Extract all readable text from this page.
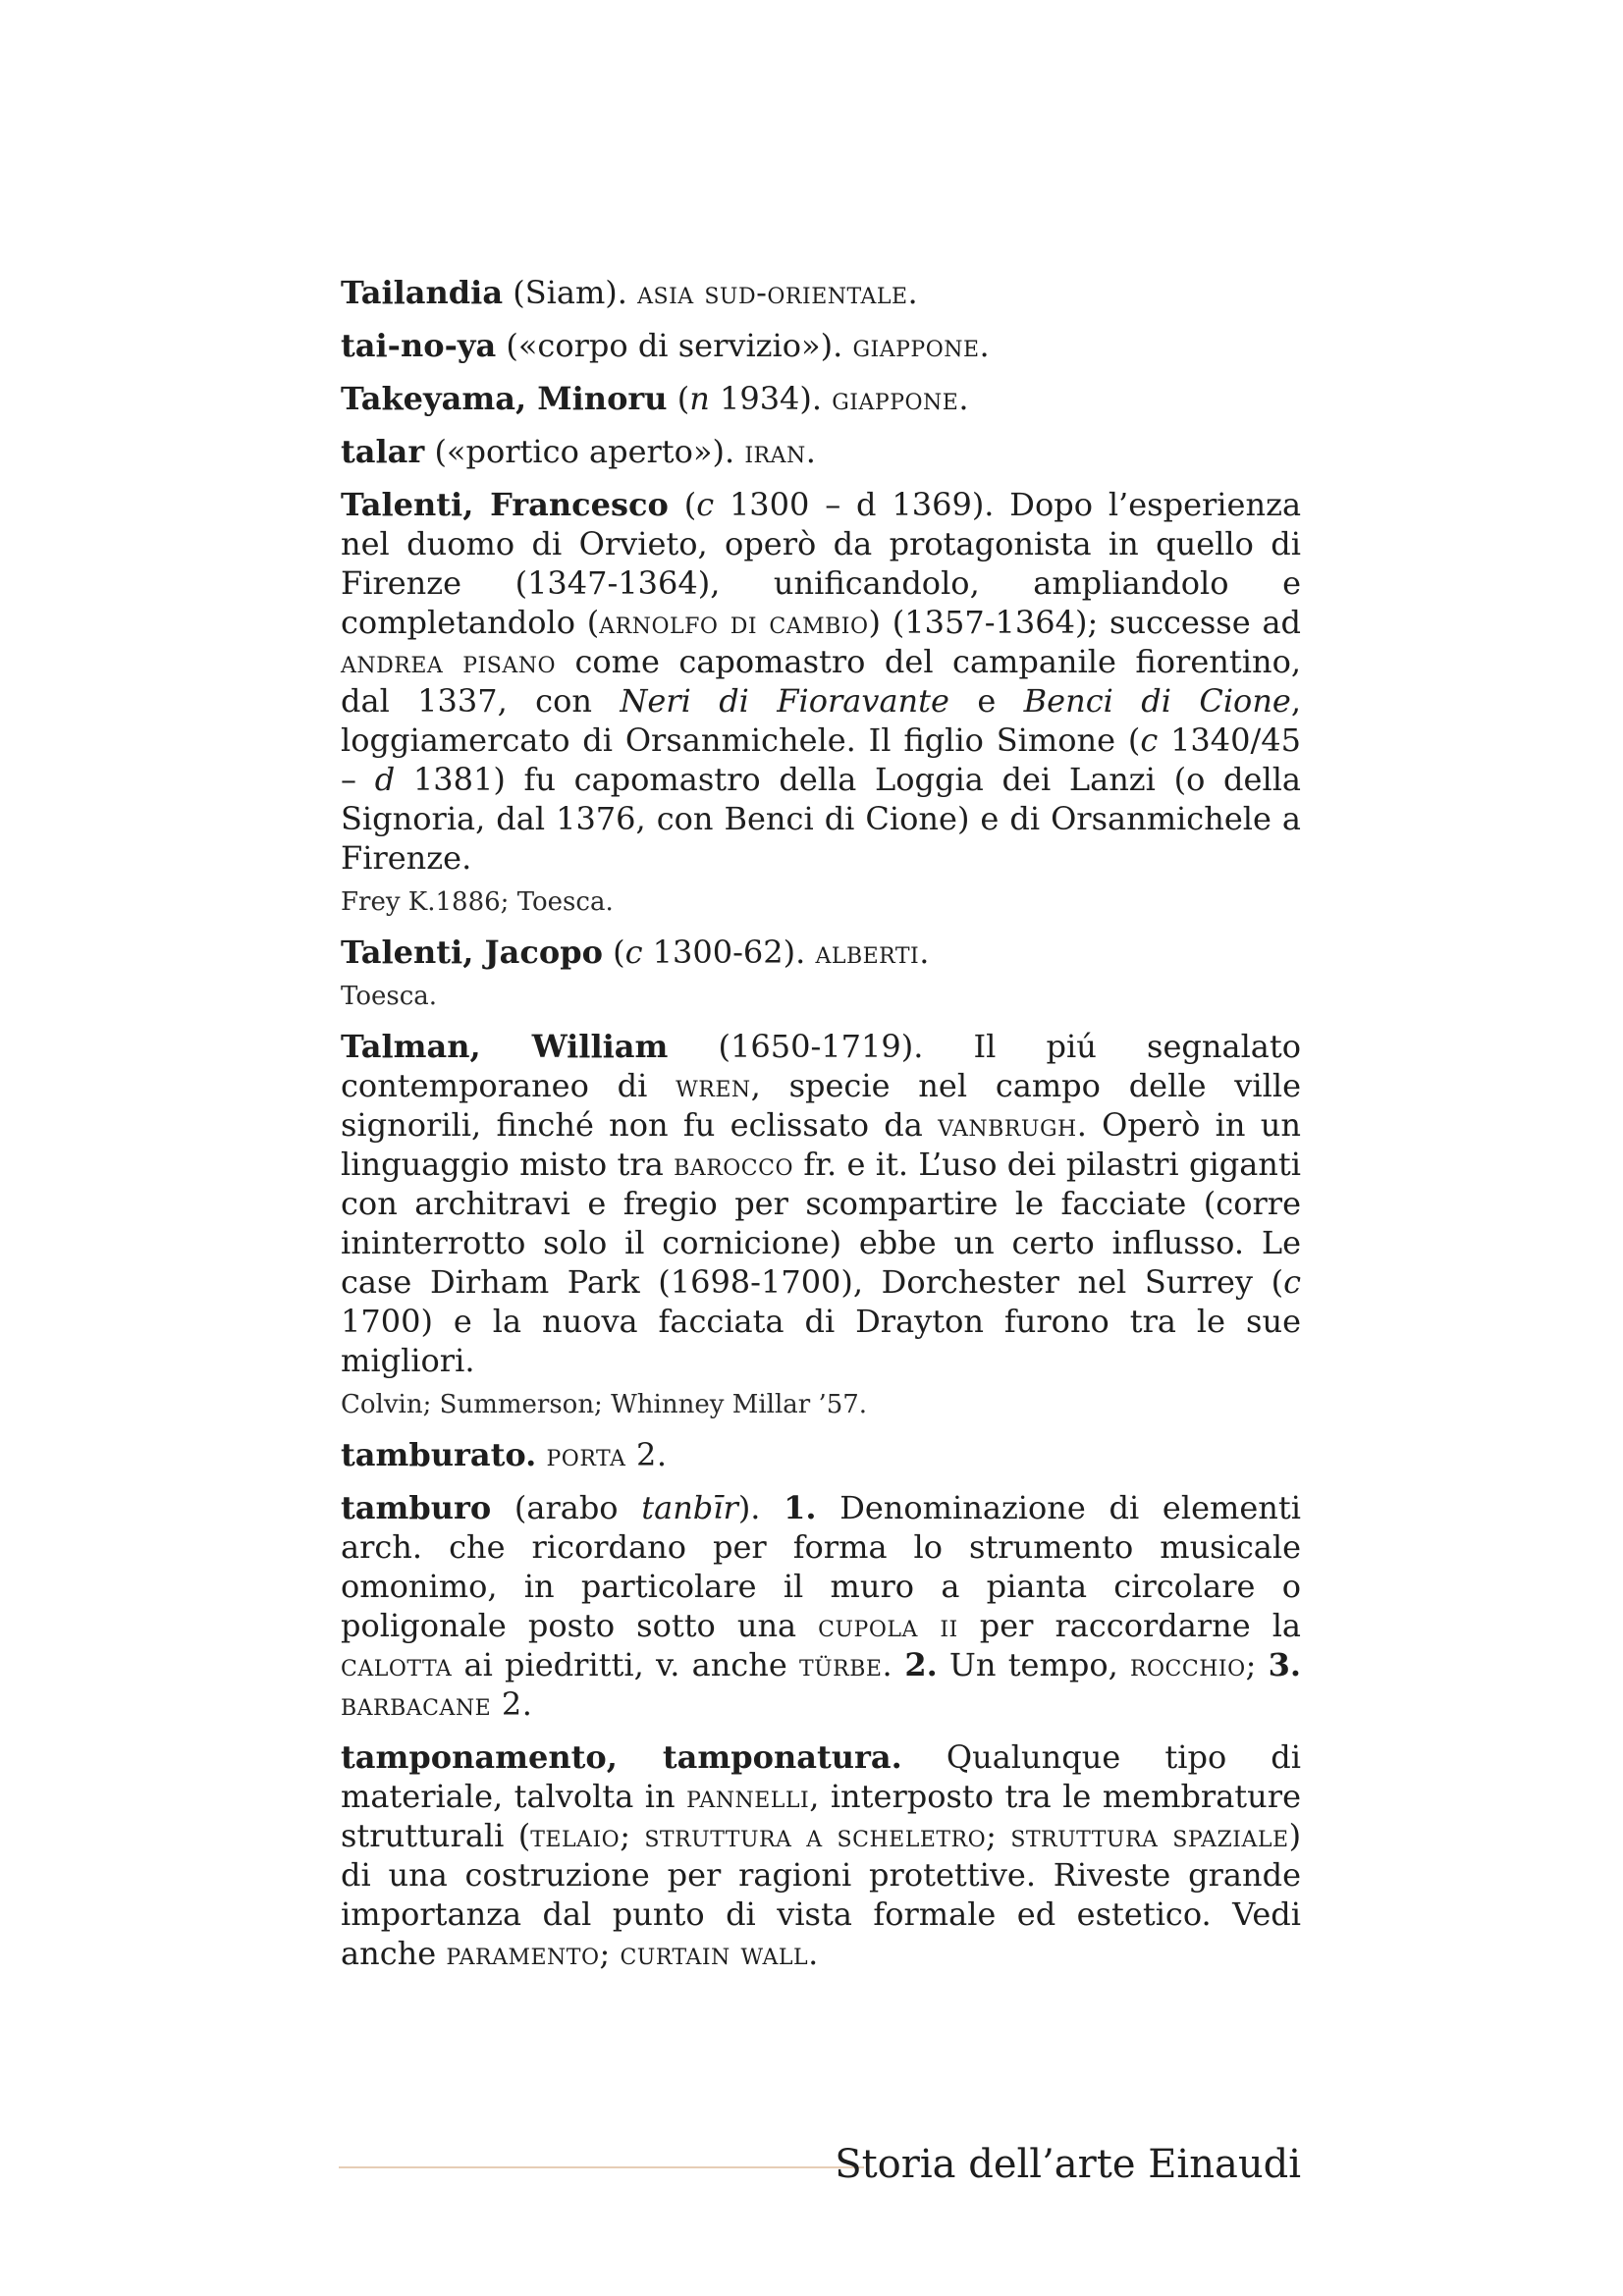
Tailandia (Siam). asia sud-orientale.

tai-no-ya («corpo di servizio»). giappone.

Takeyama, Minoru (n 1934). giappone.

talar («portico aperto»). iran.

Talenti, Francesco (c 1300 – d 1369). Dopo l’esperienza nel duomo di Orvieto, operò da protagonista in quello di Firenze (1347-1364), unificandolo, ampliandolo e completandolo (arnolfo di cambio) (1357-1364); successe ad andrea pisano come capomastro del campanile fiorentino, dal 1337, con Neri di Fioravante e Benci di Cione, loggiamercato di Orsanmichele. Il figlio Simone (c 1340/45 – d 1381) fu capomastro della Loggia dei Lanzi (o della Signoria, dal 1376, con Benci di Cione) e di Orsanmichele a Firenze.

Frey K.1886; Toesca.

Talenti, Jacopo (c 1300-62). alberti.

Toesca.

Talman, William (1650-1719). Il piú segnalato contemporaneo di wren, specie nel campo delle ville signorili, finché non fu eclissato da vanbrugh. Operò in un linguaggio misto tra barocco fr. e it. L’uso dei pilastri giganti con architravi e fregio per scompartire le facciate (corre ininterrotto solo il cornicione) ebbe un certo influsso. Le case Dirham Park (1698-1700), Dorchester nel Surrey (c 1700) e la nuova facciata di Drayton furono tra le sue migliori.

Colvin; Summerson; Whinney Millar ’57.

tamburato. porta 2.

tamburo (arabo tanbīr). 1. Denominazione di elementi arch. che ricordano per forma lo strumento musicale omonimo, in particolare il muro a pianta circolare o poligonale posto sotto una cupola ii per raccordarne la calotta ai piedritti, v. anche türbe. 2. Un tempo, rocchio; 3. barbacane 2.

tamponamento, tamponatura. Qualunque tipo di materiale, talvolta in pannelli, interposto tra le membrature strutturali (telaio; struttura a scheletro; struttura spaziale) di una costruzione per ragioni protettive. Riveste grande importanza dal punto di vista formale ed estetico. Vedi anche paramento; curtain wall.

Storia dell’arte Einaudi
